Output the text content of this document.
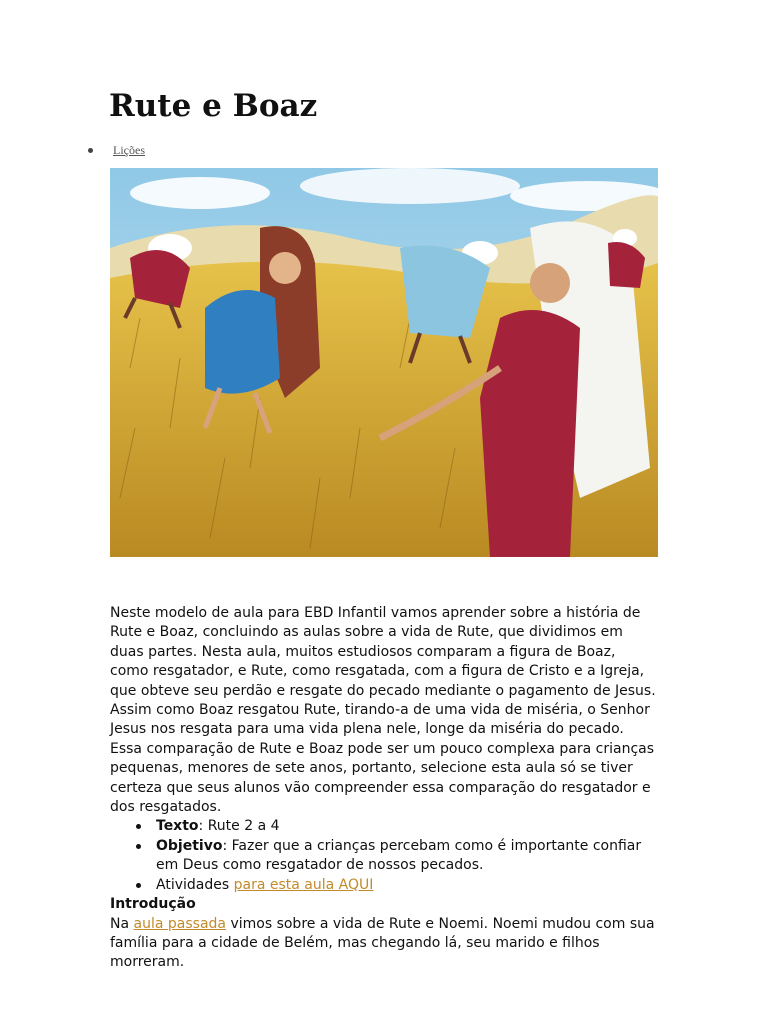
Rute e Boaz
Lições

Neste modelo de aula para EBD Infantil vamos aprender sobre a história de Rute e Boaz, concluindo as aulas sobre a vida de Rute, que dividimos em duas partes. Nesta aula, muitos estudiosos comparam a figura de Boaz, como resgatador, e Rute, como resgatada, com a figura de Cristo e a Igreja, que obteve seu perdão e resgate do pecado mediante o pagamento de Jesus. Assim como Boaz resgatou Rute, tirando-a de uma vida de miséria, o Senhor Jesus nos resgata para uma vida plena nele, longe da miséria do pecado. Essa comparação de Rute e Boaz pode ser um pouco complexa para crianças pequenas, menores de sete anos, portanto, selecione esta aula só se tiver certeza que seus alunos vão compreender essa comparação do resgatador e dos resgatados.

Texto: Rute 2 a 4
Objetivo: Fazer que a crianças percebam como é importante confiar em Deus como resgatador de nossos pecados.
Atividades para esta aula AQUI

Introdução

Na aula passada vimos sobre a vida de Rute e Noemi. Noemi mudou com sua família para a cidade de Belém, mas chegando lá, seu marido e filhos morreram.
